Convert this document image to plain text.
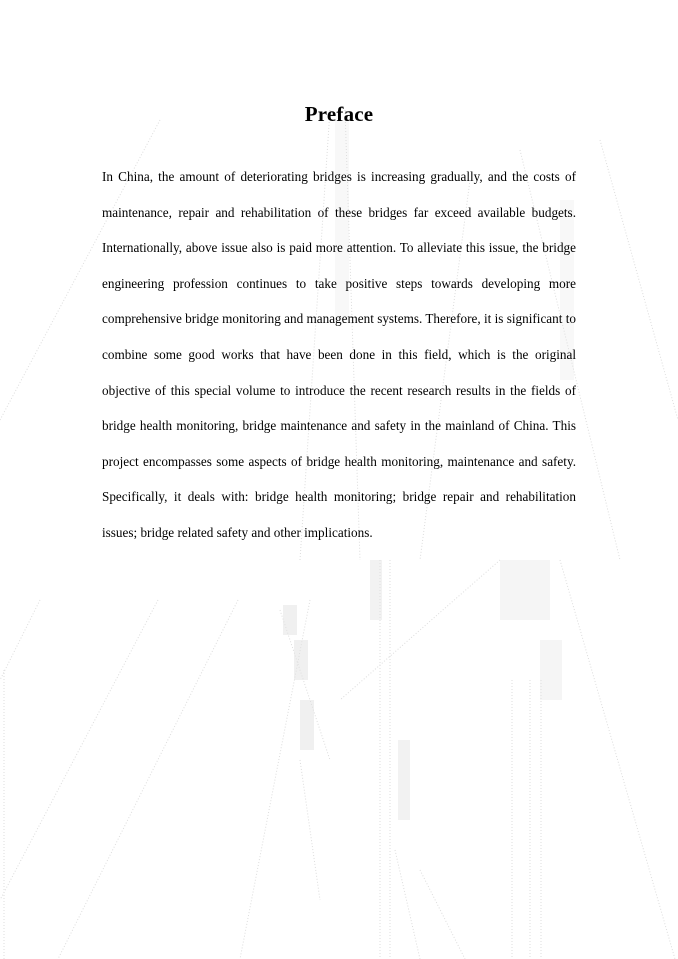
Preface

In China, the amount of deteriorating bridges is increasing gradually, and the costs of maintenance, repair and rehabilitation of these bridges far exceed available budgets. Internationally, above issue also is paid more attention. To alleviate this issue, the bridge engineering profession continues to take positive steps towards developing more comprehensive bridge monitoring and management systems. Therefore, it is significant to combine some good works that have been done in this field, which is the original objective of this special volume to introduce the recent research results in the fields of bridge health monitoring, bridge maintenance and safety in the mainland of China. This project encompasses some aspects of bridge health monitoring, maintenance and safety. Specifically, it deals with: bridge health monitoring; bridge repair and rehabilitation issues; bridge related safety and other implications.
